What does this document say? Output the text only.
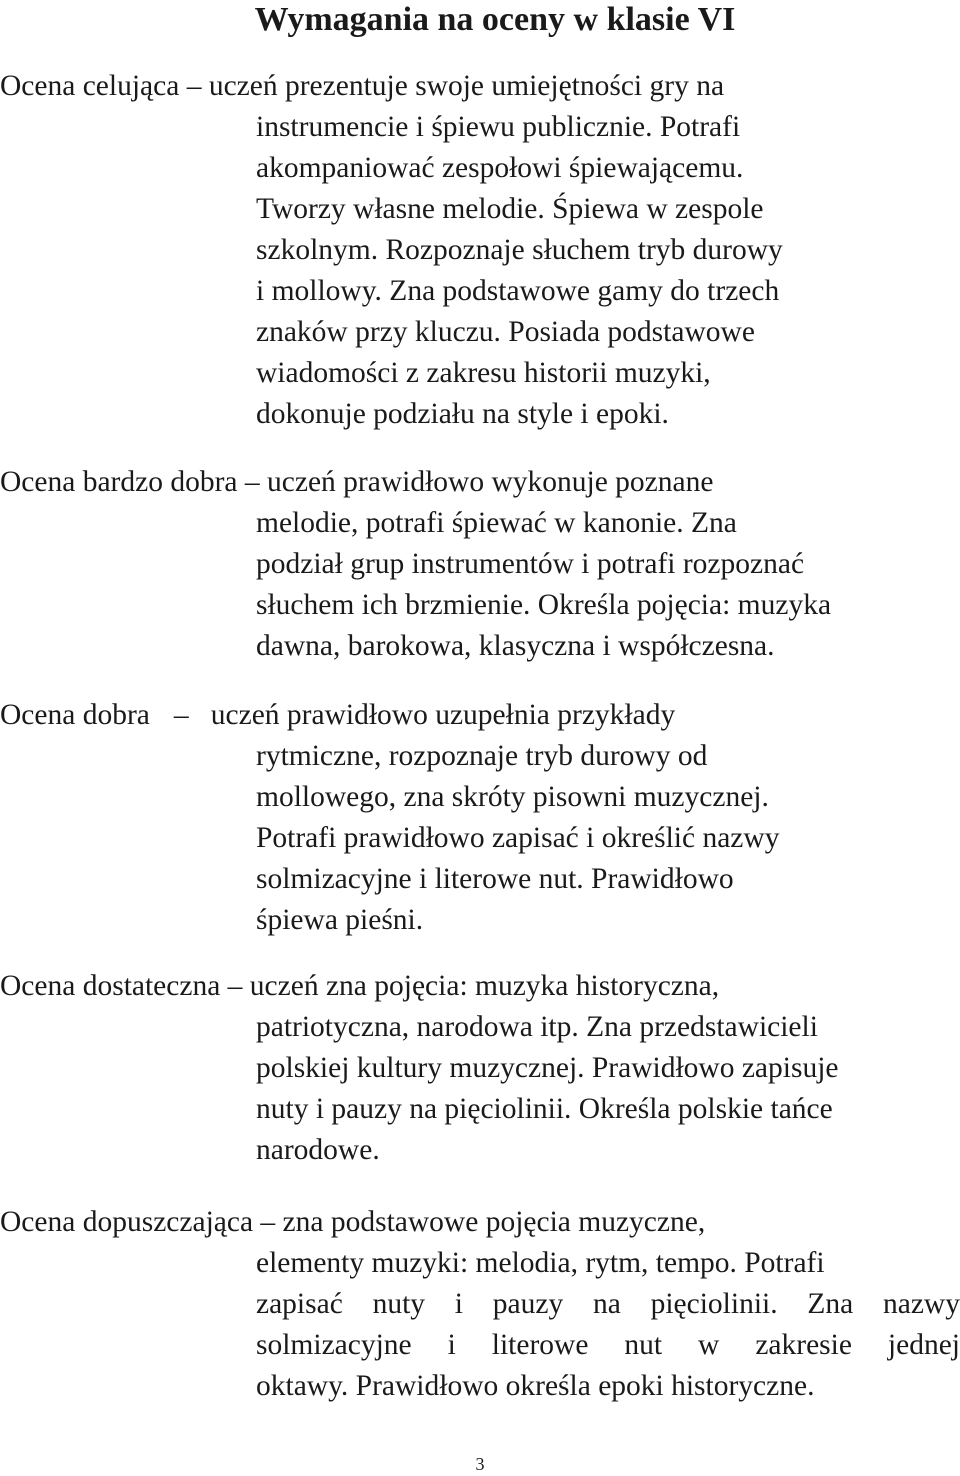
Wymagania na oceny w klasie VI
Ocena celująca – uczeń prezentuje swoje umiejętności gry na
instrumencie i śpiewu publicznie. Potrafi
akompaniować zespołowi śpiewającemu.
Tworzy własne melodie. Śpiewa w zespole
szkolnym. Rozpoznaje słuchem tryb durowy
i mollowy. Zna podstawowe gamy do trzech
znaków przy kluczu. Posiada podstawowe
wiadomości z zakresu historii muzyki,
dokonuje podziału na style i epoki.
Ocena bardzo dobra – uczeń prawidłowo wykonuje poznane
melodie, potrafi śpiewać w kanonie. Zna
podział grup instrumentów i potrafi rozpoznać
słuchem ich brzmienie. Określa pojęcia: muzyka
dawna, barokowa, klasyczna i współczesna.
Ocena dobra –   uczeń prawidłowo uzupełnia przykłady
rytmiczne, rozpoznaje tryb durowy od
mollowego, zna skróty pisowni muzycznej.
Potrafi prawidłowo zapisać i określić nazwy
solmizacyjne i literowe nut. Prawidłowo
śpiewa pieśni.
Ocena dostateczna – uczeń zna pojęcia: muzyka historyczna,
patriotyczna, narodowa itp. Zna przedstawicieli
polskiej kultury muzycznej. Prawidłowo zapisuje
nuty i pauzy na pięciolinii. Określa polskie tańce
narodowe.
Ocena dopuszczająca – zna podstawowe pojęcia muzyczne,
elementy muzyki: melodia, rytm, tempo. Potrafi
zapisać nuty i pauzy na pięciolinii. Zna nazwy
solmizacyjne i literowe nut w zakresie jednej
oktawy. Prawidłowo określa epoki historyczne.
3
